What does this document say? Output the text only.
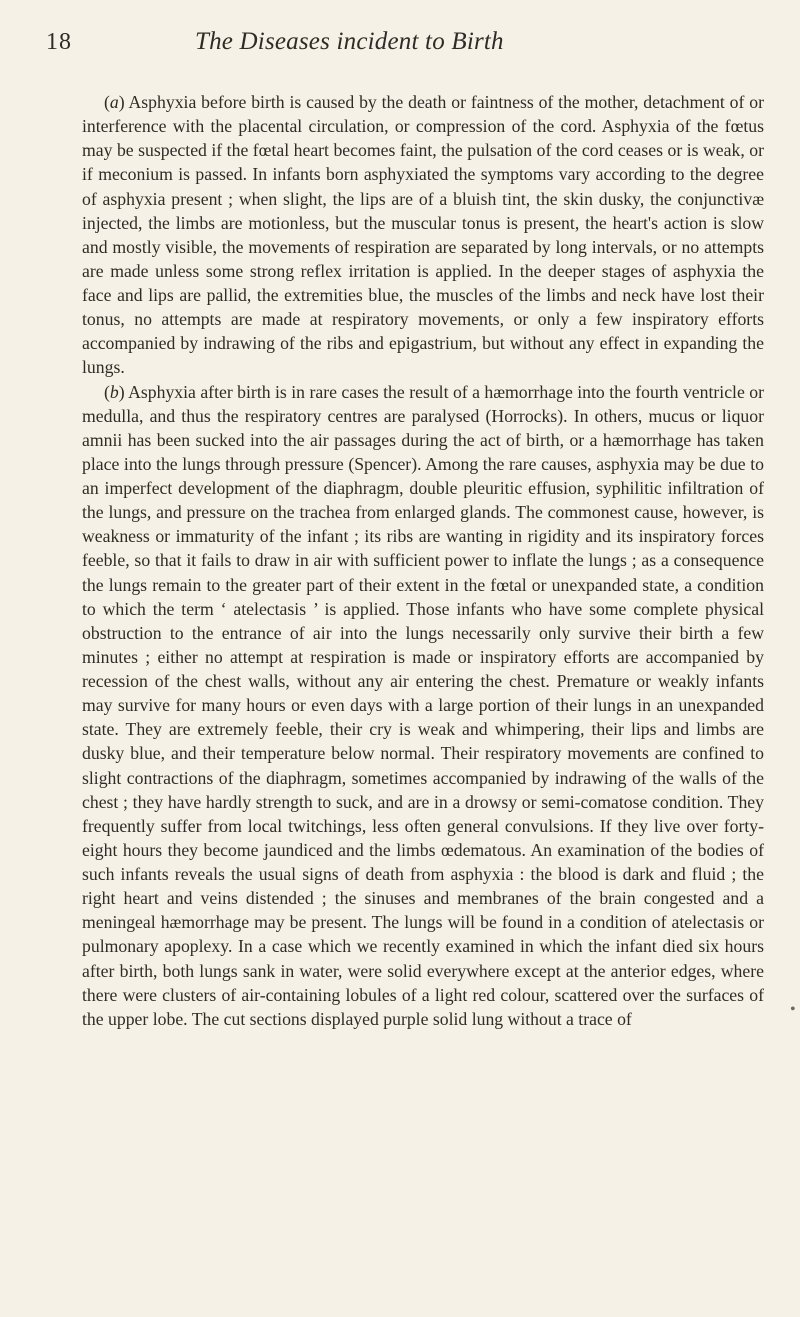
18	The Diseases incident to Birth

(a) Asphyxia before birth is caused by the death or faintness of the mother, detachment of or interference with the placental circulation, or compression of the cord. Asphyxia of the fœtus may be suspected if the fœtal heart becomes faint, the pulsation of the cord ceases or is weak, or if meconium is passed. In infants born asphyxiated the symptoms vary according to the degree of asphyxia present ; when slight, the lips are of a bluish tint, the skin dusky, the conjunctivæ injected, the limbs are motionless, but the muscular tonus is present, the heart's action is slow and mostly visible, the movements of respiration are separated by long intervals, or no attempts are made unless some strong reflex irritation is applied. In the deeper stages of asphyxia the face and lips are pallid, the extremities blue, the muscles of the limbs and neck have lost their tonus, no attempts are made at respiratory movements, or only a few inspiratory efforts accompanied by indrawing of the ribs and epigastrium, but without any effect in expanding the lungs.

(b) Asphyxia after birth is in rare cases the result of a hæmorrhage into the fourth ventricle or medulla, and thus the respiratory centres are paralysed (Horrocks). In others, mucus or liquor amnii has been sucked into the air passages during the act of birth, or a hæmorrhage has taken place into the lungs through pressure (Spencer). Among the rare causes, asphyxia may be due to an imperfect development of the diaphragm, double pleuritic effusion, syphilitic infiltration of the lungs, and pressure on the trachea from enlarged glands. The commonest cause, however, is weakness or immaturity of the infant ; its ribs are wanting in rigidity and its inspiratory forces feeble, so that it fails to draw in air with sufficient power to inflate the lungs ; as a consequence the lungs remain to the greater part of their extent in the fœtal or unexpanded state, a condition to which the term ‘ atelectasis ’ is applied. Those infants who have some complete physical obstruction to the entrance of air into the lungs necessarily only survive their birth a few minutes ; either no attempt at respiration is made or inspiratory efforts are accompanied by recession of the chest walls, without any air entering the chest. Premature or weakly infants may survive for many hours or even days with a large portion of their lungs in an unexpanded state. They are extremely feeble, their cry is weak and whimpering, their lips and limbs are dusky blue, and their temperature below normal. Their respiratory movements are confined to slight contractions of the diaphragm, sometimes accompanied by indrawing of the walls of the chest ; they have hardly strength to suck, and are in a drowsy or semi-comatose condition. They frequently suffer from local twitchings, less often general convulsions. If they live over forty-eight hours they become jaundiced and the limbs œdematous. An examination of the bodies of such infants reveals the usual signs of death from asphyxia : the blood is dark and fluid ; the right heart and veins distended ; the sinuses and membranes of the brain congested and a meningeal hæmorrhage may be present. The lungs will be found in a condition of atelectasis or pulmonary apoplexy. In a case which we recently examined in which the infant died six hours after birth, both lungs sank in water, were solid everywhere except at the anterior edges, where there were clusters of air-containing lobules of a light red colour, scattered over the surfaces of the upper lobe. The cut sections displayed purple solid lung without a trace of	•
